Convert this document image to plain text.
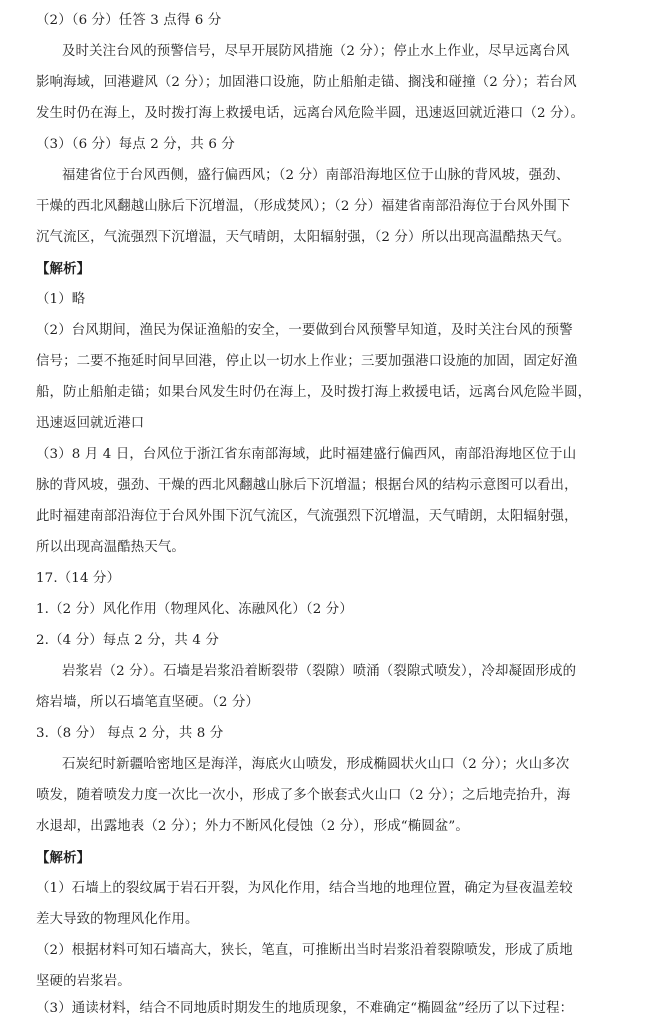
（2）（6 分）任答 3 点得 6 分
及时关注台风的预警信号，尽早开展防风措施（2 分）；停止水上作业，尽早远离台风
影响海域，回港避风（2 分）；加固港口设施，防止船舶走锚、搁浅和碰撞（2 分）；若台风
发生时仍在海上，及时拨打海上救援电话，远离台风危险半圆，迅速返回就近港口（2 分）。
（3）（6 分）每点 2 分，共 6 分
福建省位于台风西侧，盛行偏西风；（2 分）南部沿海地区位于山脉的背风坡，强劲、
干燥的西北风翻越山脉后下沉增温，（形成焚风）；（2 分）福建省南部沿海位于台风外围下
沉气流区，气流强烈下沉增温，天气晴朗，太阳辐射强，（2 分）所以出现高温酷热天气。
【解析】
（1）略
（2）台风期间，渔民为保证渔船的安全，一要做到台风预警早知道，及时关注台风的预警
信号；二要不拖延时间早回港，停止以一切水上作业；三要加强港口设施的加固，固定好渔
船，防止船舶走锚；如果台风发生时仍在海上，及时拨打海上救援电话，远离台风危险半圆，
迅速返回就近港口
（3）8 月 4 日，台风位于浙江省东南部海域，此时福建盛行偏西风，南部沿海地区位于山
脉的背风坡，强劲、干燥的西北风翻越山脉后下沉增温；根据台风的结构示意图可以看出，
此时福建南部沿海位于台风外围下沉气流区，气流强烈下沉增温，天气晴朗，太阳辐射强，
所以出现高温酷热天气。
17.（14 分）
1.（2 分）风化作用（物理风化、冻融风化）（2 分）
2.（4 分）每点 2 分，共 4 分
岩浆岩（2 分）。石墙是岩浆沿着断裂带（裂隙）喷涌（裂隙式喷发），冷却凝固形成的
熔岩墙，所以石墙笔直坚硬。（2 分）
3.（8 分） 每点 2 分，共 8 分
石炭纪时新疆哈密地区是海洋，海底火山喷发，形成椭圆状火山口（2 分）；火山多次
喷发，随着喷发力度一次比一次小，形成了多个嵌套式火山口（2 分）；之后地壳抬升，海
水退却，出露地表（2 分）；外力不断风化侵蚀（2 分），形成“椭圆盆”。
【解析】
（1）石墙上的裂纹属于岩石开裂，为风化作用，结合当地的地理位置，确定为昼夜温差较
差大导致的物理风化作用。
（2）根据材料可知石墙高大，狭长，笔直，可推断出当时岩浆沿着裂隙喷发，形成了质地
坚硬的岩浆岩。
（3）通读材料，结合不同地质时期发生的地质现象，不难确定“椭圆盆”经历了以下过程：
